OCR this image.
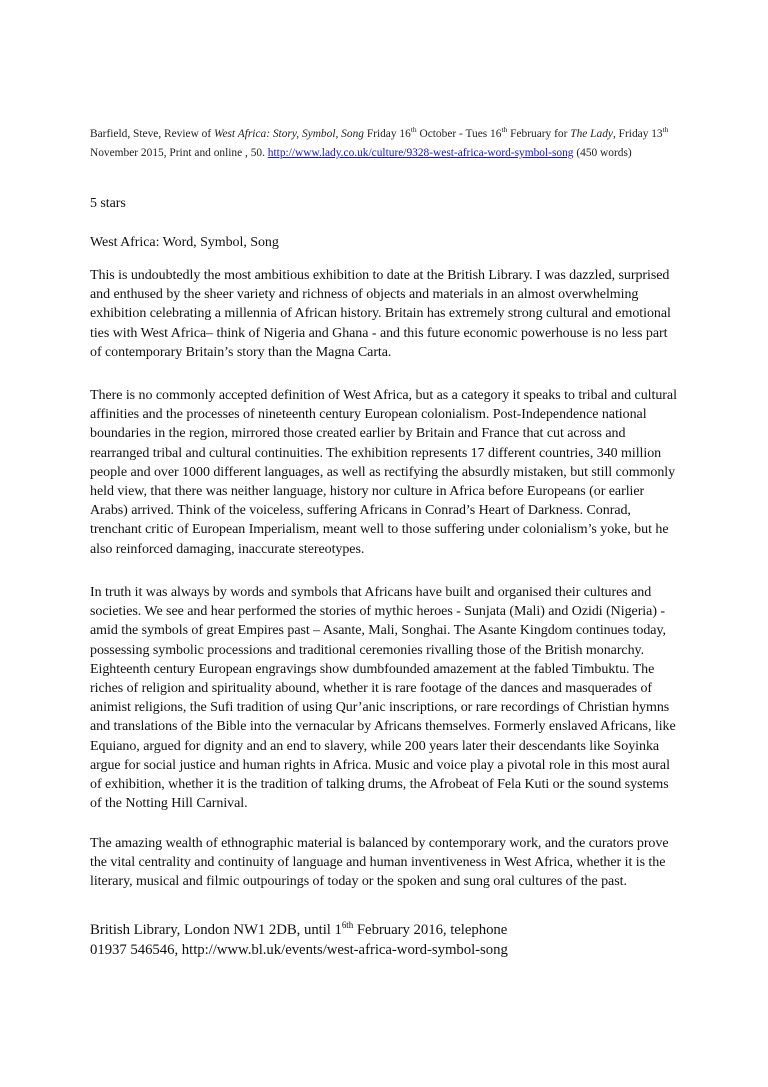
Barfield, Steve, Review of West Africa: Story, Symbol, Song Friday 16th October - Tues 16th February for The Lady, Friday 13th November 2015, Print and online , 50. http://www.lady.co.uk/culture/9328-west-africa-word-symbol-song (450 words)
5 stars
West Africa: Word, Symbol, Song

This is undoubtedly the most ambitious exhibition to date at the British Library. I was dazzled, surprised and enthused by the sheer variety and richness of objects and materials in an almost overwhelming exhibition celebrating a millennia of African history. Britain has extremely strong cultural and emotional ties with West Africa– think of Nigeria and Ghana - and this future economic powerhouse is no less part of contemporary Britain’s story than the Magna Carta.

There is no commonly accepted definition of West Africa, but as a category it speaks to tribal and cultural affinities and the processes of nineteenth century European colonialism. Post-Independence national boundaries in the region, mirrored those created earlier by Britain and France that cut across and rearranged tribal and cultural continuities. The exhibition represents 17 different countries, 340 million people and over 1000 different languages, as well as rectifying the absurdly mistaken, but still commonly held view, that there was neither language, history nor culture in Africa before Europeans (or earlier Arabs) arrived. Think of the voiceless, suffering Africans in Conrad’s Heart of Darkness. Conrad, trenchant critic of European Imperialism, meant well to those suffering under colonialism’s yoke, but he also reinforced damaging, inaccurate stereotypes.

In truth it was always by words and symbols that Africans have built and organised their cultures and societies. We see and hear performed the stories of mythic heroes - Sunjata (Mali) and Ozidi (Nigeria) - amid the symbols of great Empires past – Asante, Mali, Songhai. The Asante Kingdom continues today, possessing symbolic processions and traditional ceremonies rivalling those of the British monarchy. Eighteenth century European engravings show dumbfounded amazement at the fabled Timbuktu. The riches of religion and spirituality abound, whether it is rare footage of the dances and masquerades of animist religions, the Sufi tradition of using Qur’anic inscriptions, or rare recordings of Christian hymns and translations of the Bible into the vernacular by Africans themselves. Formerly enslaved Africans, like Equiano, argued for dignity and an end to slavery, while 200 years later their descendants like Soyinka argue for social justice and human rights in Africa. Music and voice play a pivotal role in this most aural of exhibition, whether it is the tradition of talking drums, the Afrobeat of Fela Kuti or the sound systems of the Notting Hill Carnival.

The amazing wealth of ethnographic material is balanced by contemporary work, and the curators prove the vital centrality and continuity of language and human inventiveness in West Africa, whether it is the literary, musical and filmic outpourings of today or the spoken and sung oral cultures of the past.

British Library, London NW1 2DB, until $1^{6th}$ February 2016, telephone
01937 546546, http://www.bl.uk/events/west-africa-word-symbol-song
